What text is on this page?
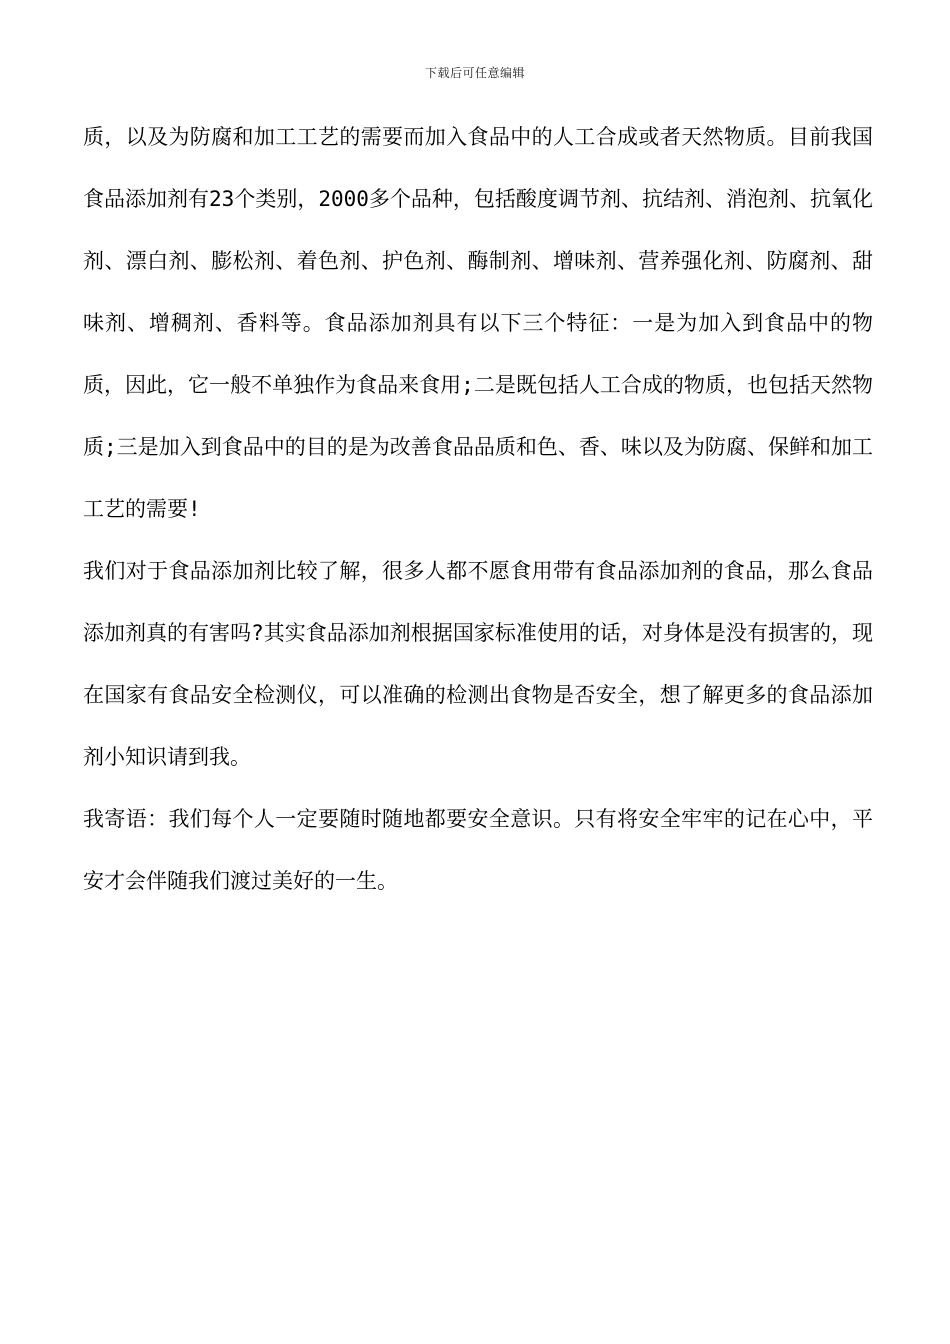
下载后可任意编辑

质，以及为防腐和加工工艺的需要而加入食品中的人工合成或者天然物质。目前我国食品添加剂有23个类别，2000多个品种，包括酸度调节剂、抗结剂、消泡剂、抗氧化剂、漂白剂、膨松剂、着色剂、护色剂、酶制剂、增味剂、营养强化剂、防腐剂、甜味剂、增稠剂、香料等。食品添加剂具有以下三个特征：一是为加入到食品中的物质，因此，它一般不单独作为食品来食用;二是既包括人工合成的物质，也包括天然物质;三是加入到食品中的目的是为改善食品品质和色、香、味以及为防腐、保鲜和加工工艺的需要!

我们对于食品添加剂比较了解，很多人都不愿食用带有食品添加剂的食品，那么食品添加剂真的有害吗?其实食品添加剂根据国家标准使用的话，对身体是没有损害的，现在国家有食品安全检测仪，可以准确的检测出食物是否安全，想了解更多的食品添加剂小知识请到我。

我寄语：我们每个人一定要随时随地都要安全意识。只有将安全牢牢的记在心中，平安才会伴随我们渡过美好的一生。
